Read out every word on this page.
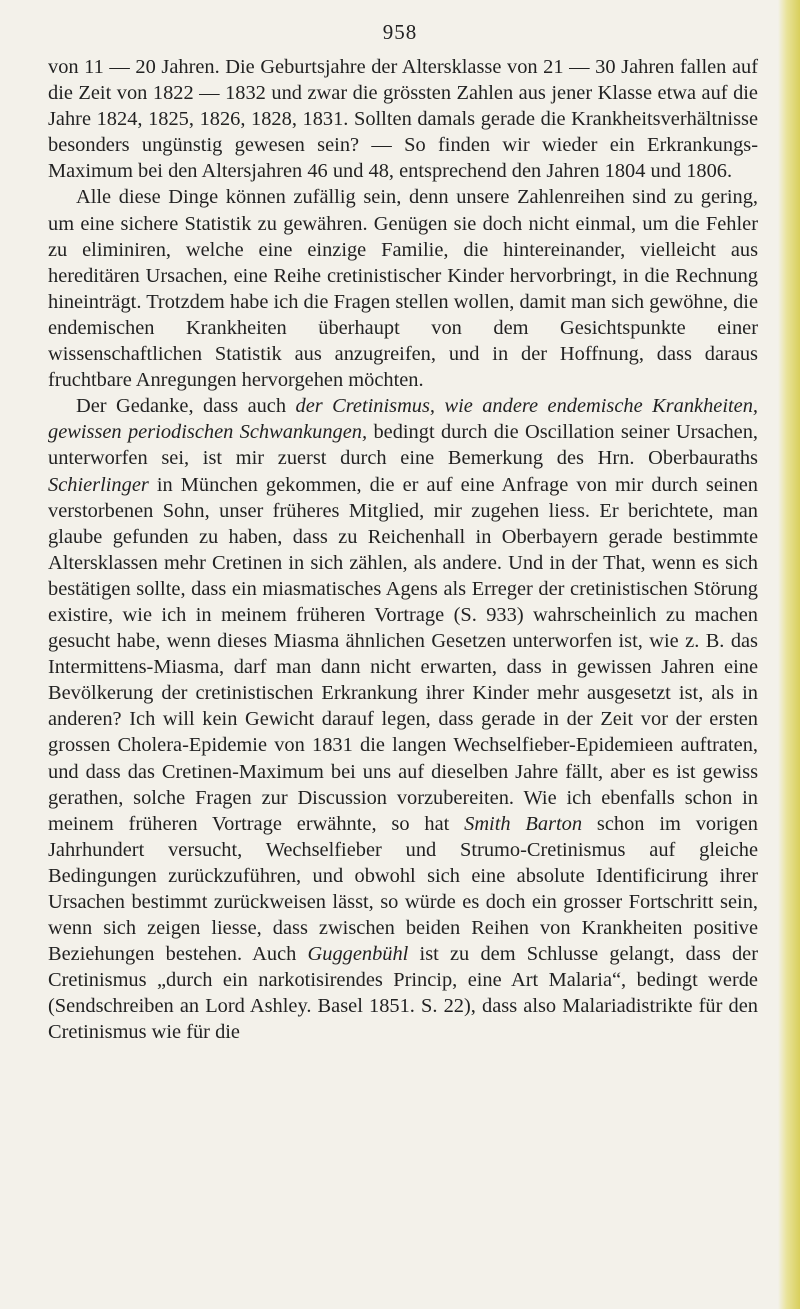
958

von 11 — 20 Jahren. Die Geburtsjahre der Altersklasse von 21 — 30 Jahren fallen auf die Zeit von 1822 — 1832 und zwar die grössten Zahlen aus jener Klasse etwa auf die Jahre 1824, 1825, 1826, 1828, 1831. Sollten damals gerade die Krankheitsverhältnisse besonders ungünstig gewesen sein? — So finden wir wieder ein Erkrankungs-Maximum bei den Altersjahren 46 und 48, entsprechend den Jahren 1804 und 1806.

Alle diese Dinge können zufällig sein, denn unsere Zahlenreihen sind zu gering, um eine sichere Statistik zu gewähren. Genügen sie doch nicht einmal, um die Fehler zu eliminiren, welche eine einzige Familie, die hintereinander, vielleicht aus hereditären Ursachen, eine Reihe cretinistischer Kinder hervorbringt, in die Rechnung hineinträgt. Trotzdem habe ich die Fragen stellen wollen, damit man sich gewöhne, die endemischen Krankheiten überhaupt von dem Gesichtspunkte einer wissenschaftlichen Statistik aus anzugreifen, und in der Hoffnung, dass daraus fruchtbare Anregungen hervorgehen möchten.

Der Gedanke, dass auch der Cretinismus, wie andere endemische Krankheiten, gewissen periodischen Schwankungen, bedingt durch die Oscillation seiner Ursachen, unterworfen sei, ist mir zuerst durch eine Bemerkung des Hrn. Oberbauraths Schierlinger in München gekommen, die er auf eine Anfrage von mir durch seinen verstorbenen Sohn, unser früheres Mitglied, mir zugehen liess. Er berichtete, man glaube gefunden zu haben, dass zu Reichenhall in Oberbayern gerade bestimmte Altersklassen mehr Cretinen in sich zählen, als andere. Und in der That, wenn es sich bestätigen sollte, dass ein miasmatisches Agens als Erreger der cretinistischen Störung existire, wie ich in meinem früheren Vortrage (S. 933) wahrscheinlich zu machen gesucht habe, wenn dieses Miasma ähnlichen Gesetzen unterworfen ist, wie z. B. das Intermittens-Miasma, darf man dann nicht erwarten, dass in gewissen Jahren eine Bevölkerung der cretinistischen Erkrankung ihrer Kinder mehr ausgesetzt ist, als in anderen? Ich will kein Gewicht darauf legen, dass gerade in der Zeit vor der ersten grossen Cholera-Epidemie von 1831 die langen Wechselfieber-Epidemieen auftraten, und dass das Cretinen-Maximum bei uns auf dieselben Jahre fällt, aber es ist gewiss gerathen, solche Fragen zur Discussion vorzubereiten. Wie ich ebenfalls schon in meinem früheren Vortrage erwähnte, so hat Smith Barton schon im vorigen Jahrhundert versucht, Wechselfieber und Strumo-Cretinismus auf gleiche Bedingungen zurückzuführen, und obwohl sich eine absolute Identificirung ihrer Ursachen bestimmt zurückweisen lässt, so würde es doch ein grosser Fortschritt sein, wenn sich zeigen liesse, dass zwischen beiden Reihen von Krankheiten positive Beziehungen bestehen. Auch Guggenbühl ist zu dem Schlusse gelangt, dass der Cretinismus „durch ein narkotisirendes Princip, eine Art Malaria“, bedingt werde (Sendschreiben an Lord Ashley. Basel 1851. S. 22), dass also Malariadistrikte für den Cretinismus wie für die
